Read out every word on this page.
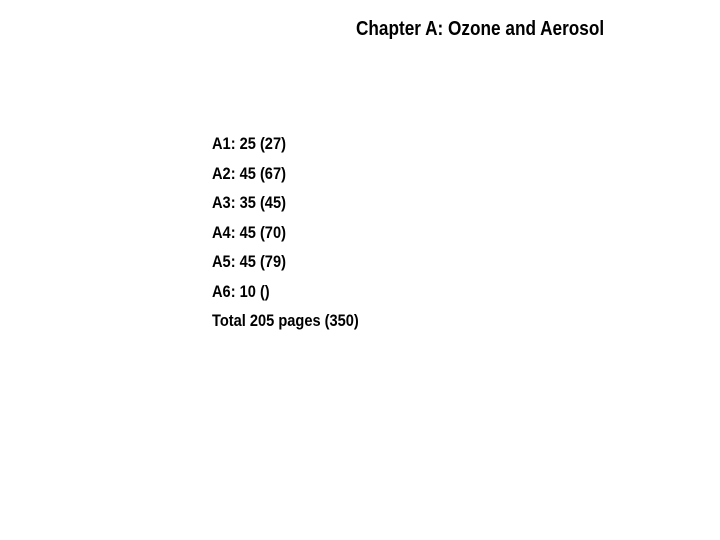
Chapter A: Ozone and Aerosol
A1: 25 (27)
A2: 45 (67)
A3: 35 (45)
A4: 45 (70)
A5: 45 (79)
A6: 10 ()
Total 205 pages (350)
